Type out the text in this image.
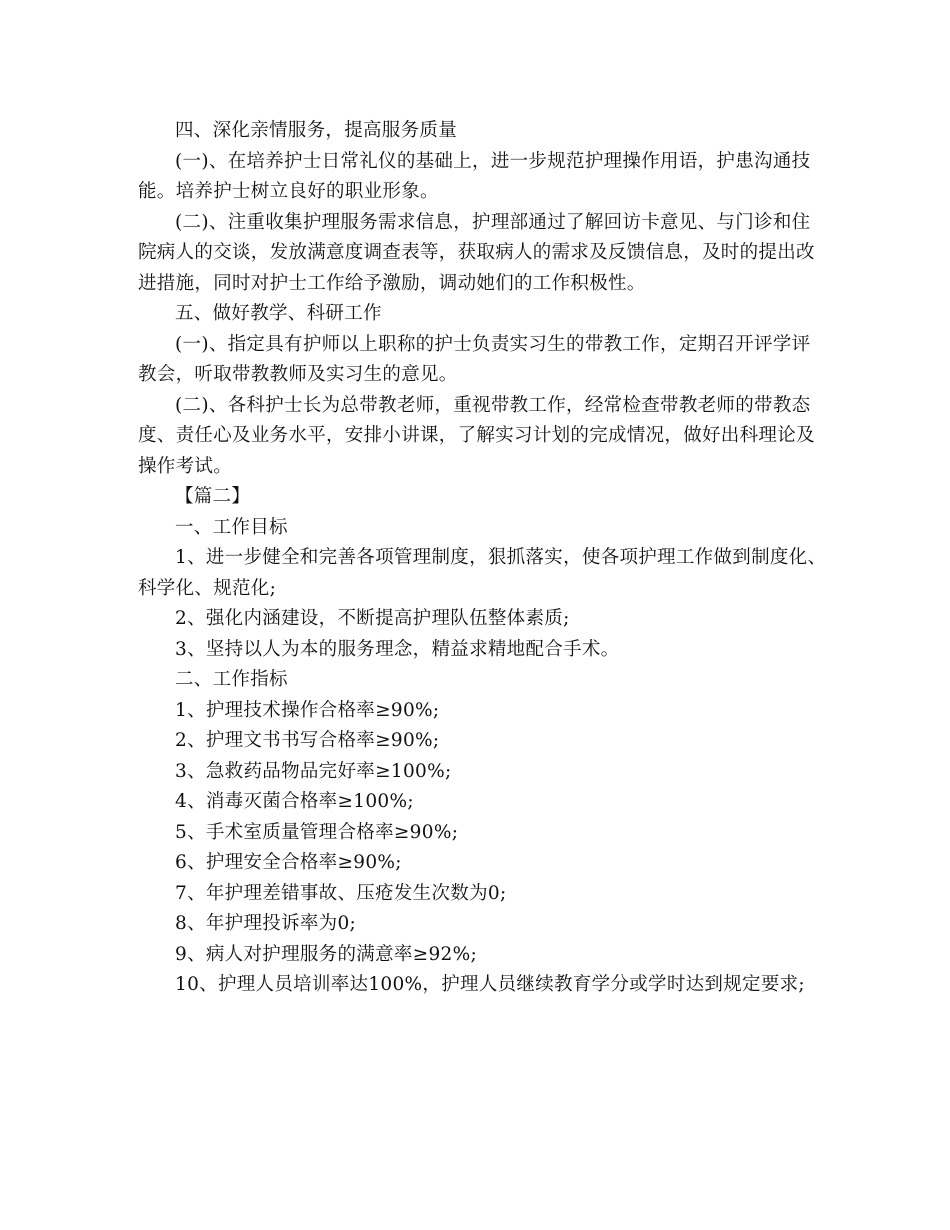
四、深化亲情服务，提高服务质量

(一)、在培养护士日常礼仪的基础上，进一步规范护理操作用语，护患沟通技能。培养护士树立良好的职业形象。

(二)、注重收集护理服务需求信息，护理部通过了解回访卡意见、与门诊和住院病人的交谈，发放满意度调查表等，获取病人的需求及反馈信息，及时的提出改进措施，同时对护士工作给予激励，调动她们的工作积极性。

五、做好教学、科研工作

(一)、指定具有护师以上职称的护士负责实习生的带教工作，定期召开评学评教会，听取带教教师及实习生的意见。

(二)、各科护士长为总带教老师，重视带教工作，经常检查带教老师的带教态度、责任心及业务水平，安排小讲课，了解实习计划的完成情况，做好出科理论及操作考试。

【篇二】

一、工作目标

1、进一步健全和完善各项管理制度，狠抓落实，使各项护理工作做到制度化、科学化、规范化;

2、强化内涵建设，不断提高护理队伍整体素质;

3、坚持以人为本的服务理念，精益求精地配合手术。

二、工作指标

1、护理技术操作合格率≥90%;

2、护理文书书写合格率≥90%;

3、急救药品物品完好率≥100%;

4、消毒灭菌合格率≥100%;

5、手术室质量管理合格率≥90%;

6、护理安全合格率≥90%;

7、年护理差错事故、压疮发生次数为0;

8、年护理投诉率为0;

9、病人对护理服务的满意率≥92%;

10、护理人员培训率达100%，护理人员继续教育学分或学时达到规定要求;
